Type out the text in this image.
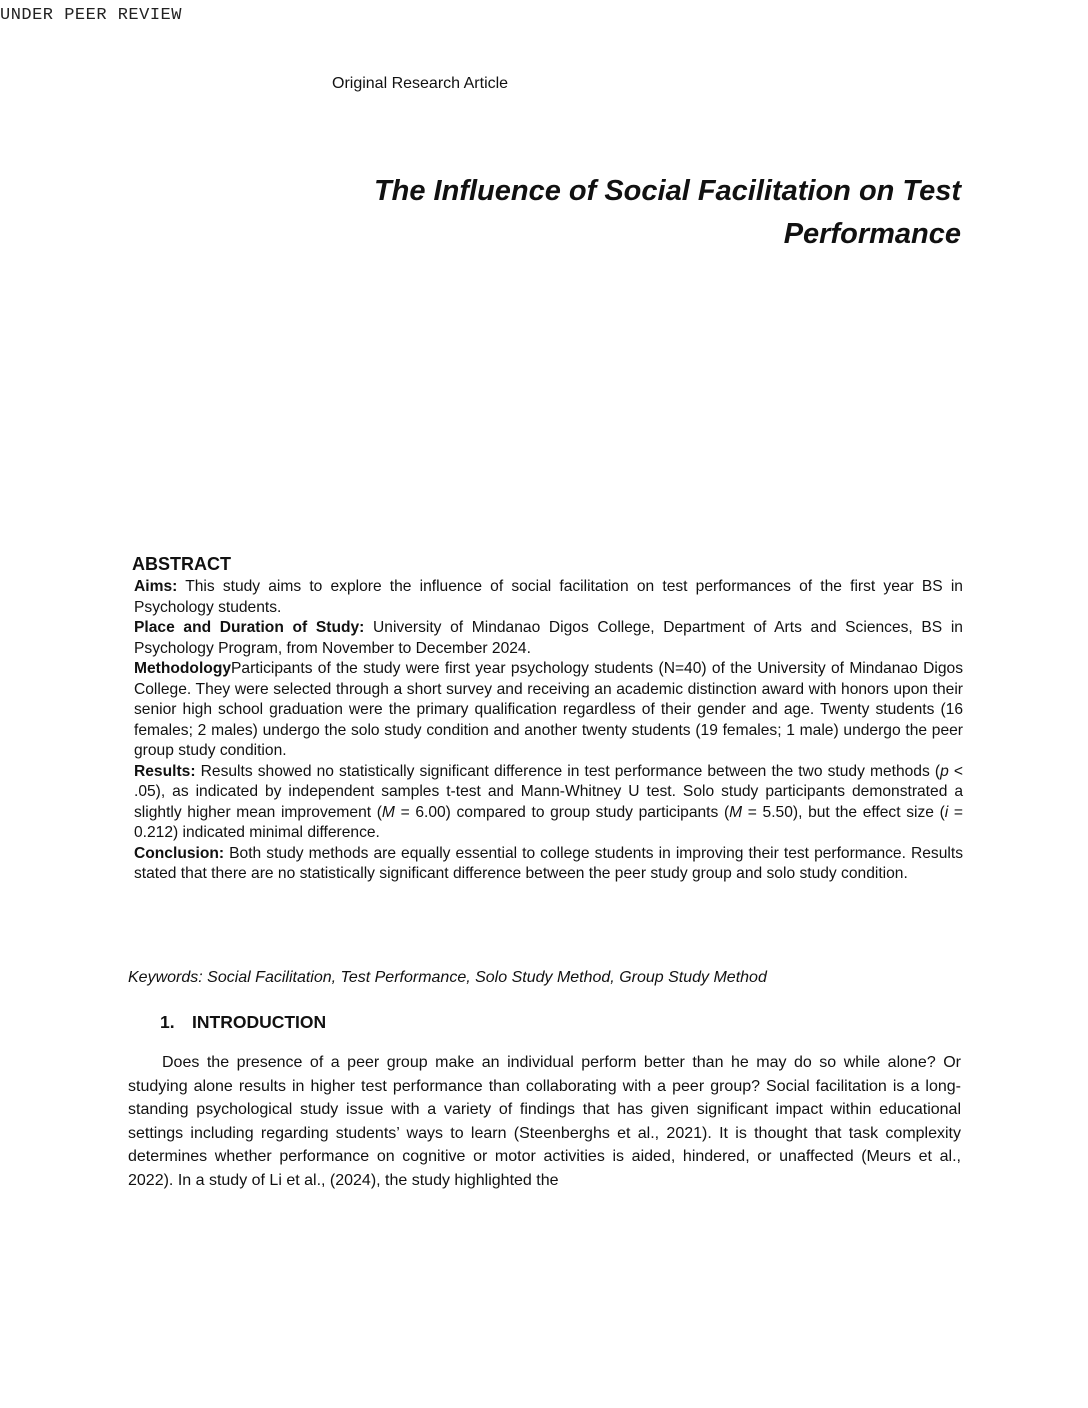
UNDER PEER REVIEW
Original Research Article
The Influence of Social Facilitation on Test Performance
ABSTRACT

Aims: This study aims to explore the influence of social facilitation on test performances of the first year BS in Psychology students.

Place and Duration of Study: University of Mindanao Digos College, Department of Arts and Sciences, BS in Psychology Program, from November to December 2024.

MethodologyParticipants of the study were first year psychology students (N=40) of the University of Mindanao Digos College. They were selected through a short survey and receiving an academic distinction award with honors upon their senior high school graduation were the primary qualification regardless of their gender and age. Twenty students (16 females; 2 males) undergo the solo study condition and another twenty students (19 females; 1 male) undergo the peer group study condition.

Results: Results showed no statistically significant difference in test performance between the two study methods (p < .05), as indicated by independent samples t-test and Mann-Whitney U test. Solo study participants demonstrated a slightly higher mean improvement (M = 6.00) compared to group study participants (M = 5.50), but the effect size (i = 0.212) indicated minimal difference.

Conclusion: Both study methods are equally essential to college students in improving their test performance. Results stated that there are no statistically significant difference between the peer study group and solo study condition.

Keywords: Social Facilitation, Test Performance, Solo Study Method, Group Study Method
1. INTRODUCTION

Does the presence of a peer group make an individual perform better than he may do so while alone? Or studying alone results in higher test performance than collaborating with a peer group? Social facilitation is a long-standing psychological study issue with a variety of findings that has given significant impact within educational settings including regarding students’ ways to learn (Steenberghs et al., 2021). It is thought that task complexity determines whether performance on cognitive or motor activities is aided, hindered, or unaffected (Meurs et al., 2022). In a study of Li et al., (2024), the study highlighted the
